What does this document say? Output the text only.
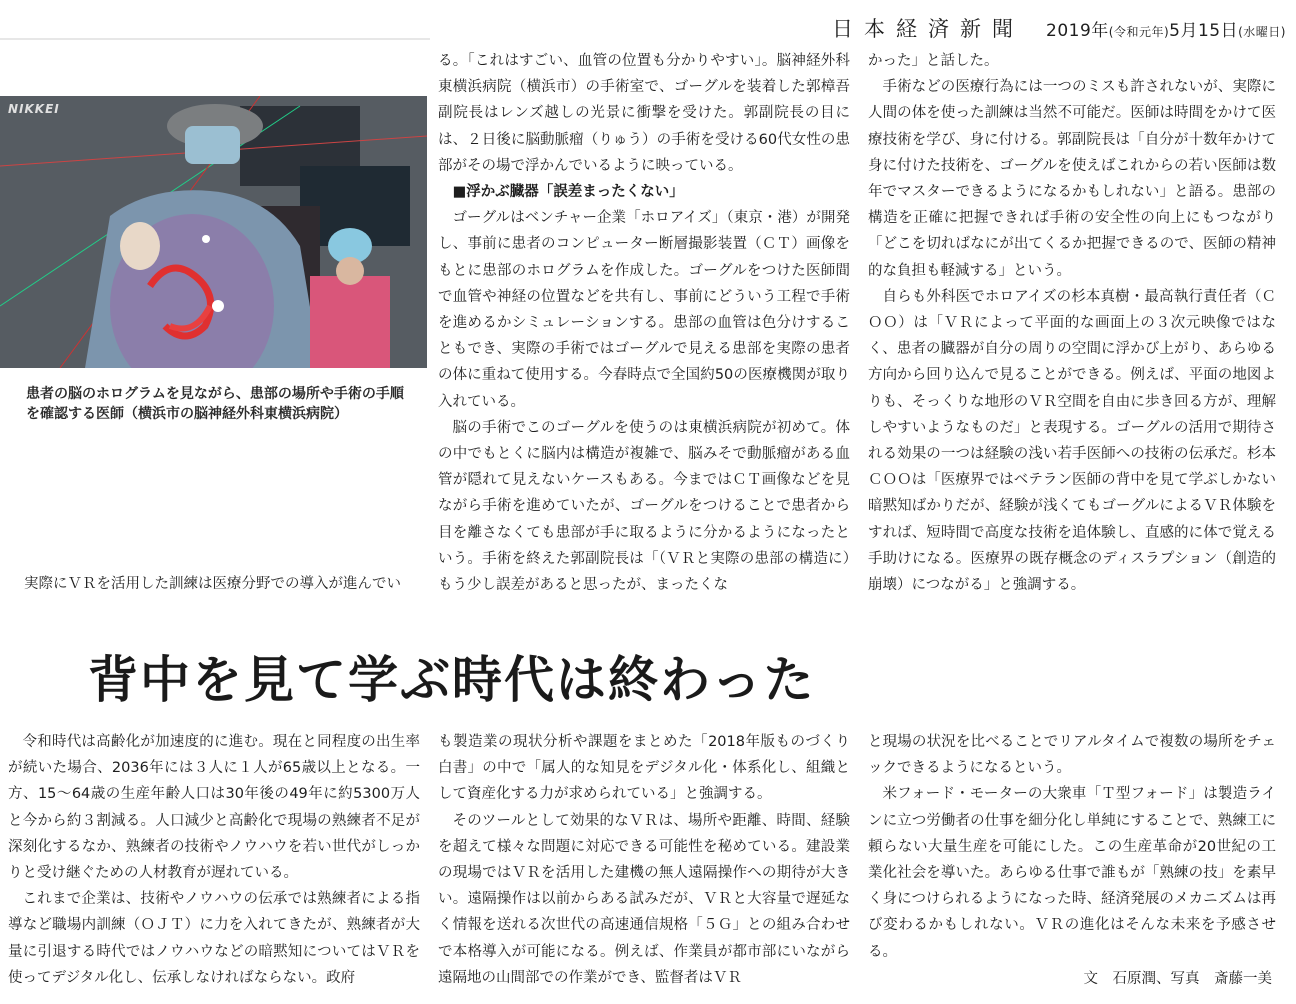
日本経済新聞 2019年(令和元年)5月15日(水曜日)
NIKKEI
患者の脳のホログラムを見ながら、患部の場所や手術の手順を確認する医師（横浜市の脳神経外科東横浜病院）

実際にＶＲを活用した訓練は医療分野での導入が進んでい

る。「これはすごい、血管の位置も分かりやすい」。脳神経外科東横浜病院（横浜市）の手術室で、ゴーグルを装着した郭樟吾副院長はレンズ越しの光景に衝撃を受けた。郭副院長の目には、２日後に脳動脈瘤（りゅう）の手術を受ける60代女性の患部がその場で浮かんでいるように映っている。

■浮かぶ臓器「誤差まったくない」

ゴーグルはベンチャー企業「ホロアイズ」（東京・港）が開発し、事前に患者のコンピューター断層撮影装置（ＣＴ）画像をもとに患部のホログラムを作成した。ゴーグルをつけた医師間で血管や神経の位置などを共有し、事前にどういう工程で手術を進めるかシミュレーションする。患部の血管は色分けすることもでき、実際の手術ではゴーグルで見える患部を実際の患者の体に重ねて使用する。今春時点で全国約50の医療機関が取り入れている。

脳の手術でこのゴーグルを使うのは東横浜病院が初めて。体の中でもとくに脳内は構造が複雑で、脳みそで動脈瘤がある血管が隠れて見えないケースもある。今まではＣＴ画像などを見ながら手術を進めていたが、ゴーグルをつけることで患者から目を離さなくても患部が手に取るように分かるようになったという。手術を終えた郭副院長は「（ＶＲと実際の患部の構造に）もう少し誤差があると思ったが、まったくな

かった」と話した。

手術などの医療行為には一つのミスも許されないが、実際に人間の体を使った訓練は当然不可能だ。医師は時間をかけて医療技術を学び、身に付ける。郭副院長は「自分が十数年かけて身に付けた技術を、ゴーグルを使えばこれからの若い医師は数年でマスターできるようになるかもしれない」と語る。患部の構造を正確に把握できれば手術の安全性の向上にもつながり「どこを切ればなにが出てくるか把握できるので、医師の精神的な負担も軽減する」という。

自らも外科医でホロアイズの杉本真樹・最高執行責任者（ＣＯＯ）は「ＶＲによって平面的な画面上の３次元映像ではなく、患者の臓器が自分の周りの空間に浮かび上がり、あらゆる方向から回り込んで見ることができる。例えば、平面の地図よりも、そっくりな地形のＶＲ空間を自由に歩き回る方が、理解しやすいようなものだ」と表現する。ゴーグルの活用で期待される効果の一つは経験の浅い若手医師への技術の伝承だ。杉本ＣＯＯは「医療界ではベテラン医師の背中を見て学ぶしかない暗黙知ばかりだが、経験が浅くてもゴーグルによるＶＲ体験をすれば、短時間で高度な技術を追体験し、直感的に体で覚える手助けになる。医療界の既存概念のディスラプション（創造的崩壊）につながる」と強調する。

背中を見て学ぶ時代は終わった

令和時代は高齢化が加速度的に進む。現在と同程度の出生率が続いた場合、2036年には３人に１人が65歳以上となる。一方、15〜64歳の生産年齢人口は30年後の49年に約5300万人と今から約３割減る。人口減少と高齢化で現場の熟練者不足が深刻化するなか、熟練者の技術やノウハウを若い世代がしっかりと受け継ぐための人材教育が遅れている。

これまで企業は、技術やノウハウの伝承では熟練者による指導など職場内訓練（ＯＪＴ）に力を入れてきたが、熟練者が大量に引退する時代ではノウハウなどの暗黙知についてはＶＲを使ってデジタル化し、伝承しなければならない。政府

も製造業の現状分析や課題をまとめた「2018年版ものづくり白書」の中で「属人的な知見をデジタル化・体系化し、組織として資産化する力が求められている」と強調する。

そのツールとして効果的なＶＲは、場所や距離、時間、経験を超えて様々な問題に対応できる可能性を秘めている。建設業の現場ではＶＲを活用した建機の無人遠隔操作への期待が大きい。遠隔操作は以前からある試みだが、ＶＲと大容量で遅延なく情報を送れる次世代の高速通信規格「５Ｇ」との組み合わせで本格導入が可能になる。例えば、作業員が都市部にいながら遠隔地の山間部での作業ができ、監督者はＶＲ

と現場の状況を比べることでリアルタイムで複数の場所をチェックできるようになるという。

米フォード・モーターの大衆車「Ｔ型フォード」は製造ラインに立つ労働者の仕事を細分化し単純にすることで、熟練工に頼らない大量生産を可能にした。この生産革命が20世紀の工業化社会を導いた。あらゆる仕事で誰もが「熟練の技」を素早く身につけられるようになった時、経済発展のメカニズムは再び変わるかもしれない。ＶＲの進化はそんな未来を予感させる。

文　石原潤、写真　斎藤一美
